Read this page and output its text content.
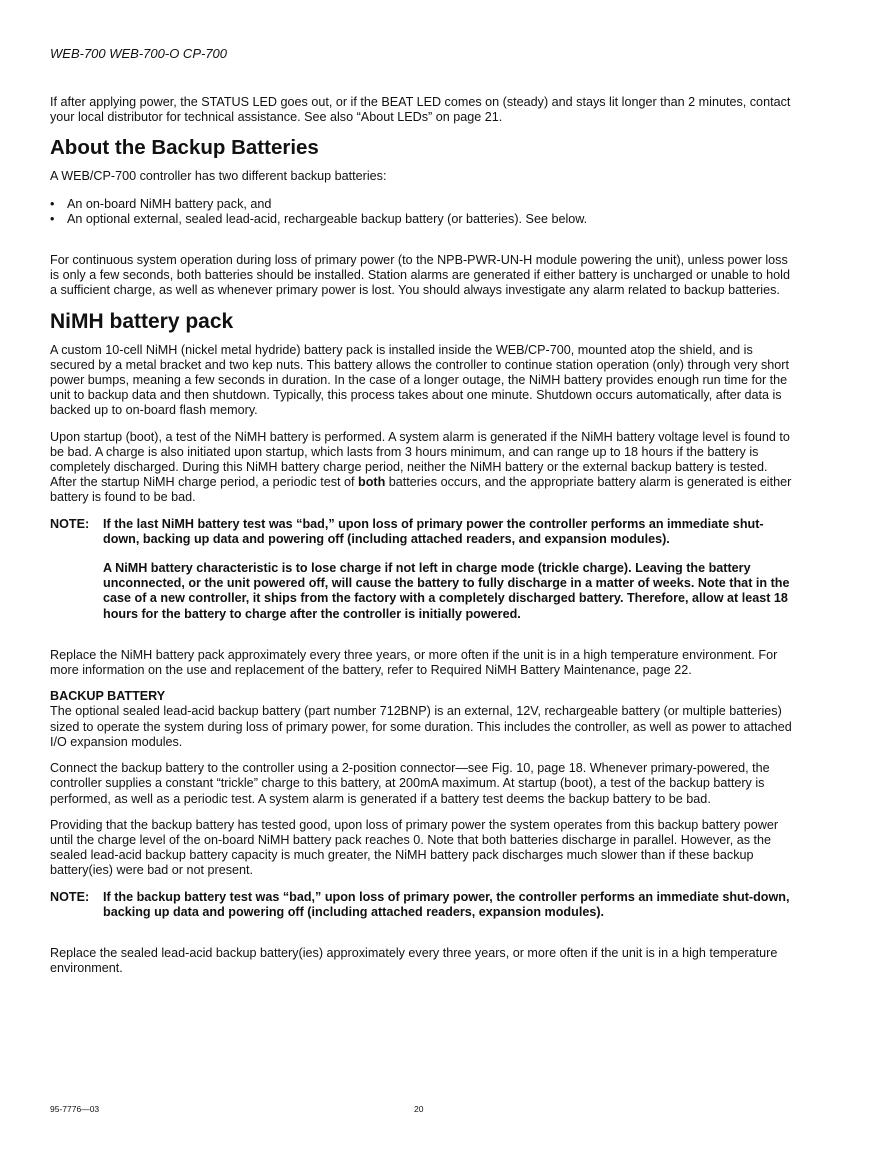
WEB-700 WEB-700-O CP-700

If after applying power, the STATUS LED goes out, or if the BEAT LED comes on (steady) and stays lit longer than 2 minutes, contact your local distributor for technical assistance. See also “About LEDs” on page 21.

About the Backup Batteries

A WEB/CP-700 controller has two different backup batteries:

• An on-board NiMH battery pack, and
• An optional external, sealed lead-acid, rechargeable backup battery (or batteries). See below.

For continuous system operation during loss of primary power (to the NPB-PWR-UN-H module powering the unit), unless power loss is only a few seconds, both batteries should be installed. Station alarms are generated if either battery is uncharged or unable to hold a sufficient charge, as well as whenever primary power is lost. You should always investigate any alarm related to backup batteries.

NiMH battery pack

A custom 10-cell NiMH (nickel metal hydride) battery pack is installed inside the WEB/CP-700, mounted atop the shield, and is secured by a metal bracket and two kep nuts. This battery allows the controller to continue station operation (only) through very short power bumps, meaning a few seconds in duration. In the case of a longer outage, the NiMH battery provides enough run time for the unit to backup data and then shutdown. Typically, this process takes about one minute. Shutdown occurs automatically, after data is backed up to on-board flash memory.

Upon startup (boot), a test of the NiMH battery is performed. A system alarm is generated if the NiMH battery voltage level is found to be bad. A charge is also initiated upon startup, which lasts from 3 hours minimum, and can range up to 18 hours if the battery is completely discharged. During this NiMH battery charge period, neither the NiMH battery or the external backup battery is tested. After the startup NiMH charge period, a periodic test of both batteries occurs, and the appropriate battery alarm is generated is either battery is found to be bad.

NOTE:	If the last NiMH battery test was “bad,” upon loss of primary power the controller performs an immediate shut-down, backing up data and powering off (including attached readers, and expansion modules).

A NiMH battery characteristic is to lose charge if not left in charge mode (trickle charge). Leaving the battery unconnected, or the unit powered off, will cause the battery to fully discharge in a matter of weeks. Note that in the case of a new controller, it ships from the factory with a completely discharged battery. Therefore, allow at least 18 hours for the battery to charge after the controller is initially powered.

Replace the NiMH battery pack approximately every three years, or more often if the unit is in a high temperature environment. For more information on the use and replacement of the battery, refer to Required NiMH Battery Maintenance, page 22.

BACKUP BATTERY

The optional sealed lead-acid backup battery (part number 712BNP) is an external, 12V, rechargeable battery (or multiple batteries) sized to operate the system during loss of primary power, for some duration. This includes the controller, as well as power to attached I/O expansion modules.

Connect the backup battery to the controller using a 2-position connector—see Fig. 10, page 18. Whenever primary-powered, the controller supplies a constant “trickle” charge to this battery, at 200mA maximum. At startup (boot), a test of the backup battery is performed, as well as a periodic test. A system alarm is generated if a battery test deems the backup battery to be bad.

Providing that the backup battery has tested good, upon loss of primary power the system operates from this backup battery power until the charge level of the on-board NiMH battery pack reaches 0. Note that both batteries discharge in parallel. However, as the sealed lead-acid backup battery capacity is much greater, the NiMH battery pack discharges much slower than if these backup battery(ies) were bad or not present.

NOTE:	If the backup battery test was “bad,” upon loss of primary power, the controller performs an immediate shut-down, backing up data and powering off (including attached readers, expansion modules).

Replace the sealed lead-acid backup battery(ies) approximately every three years, or more often if the unit is in a high temperature environment.

95-7776—03	20
